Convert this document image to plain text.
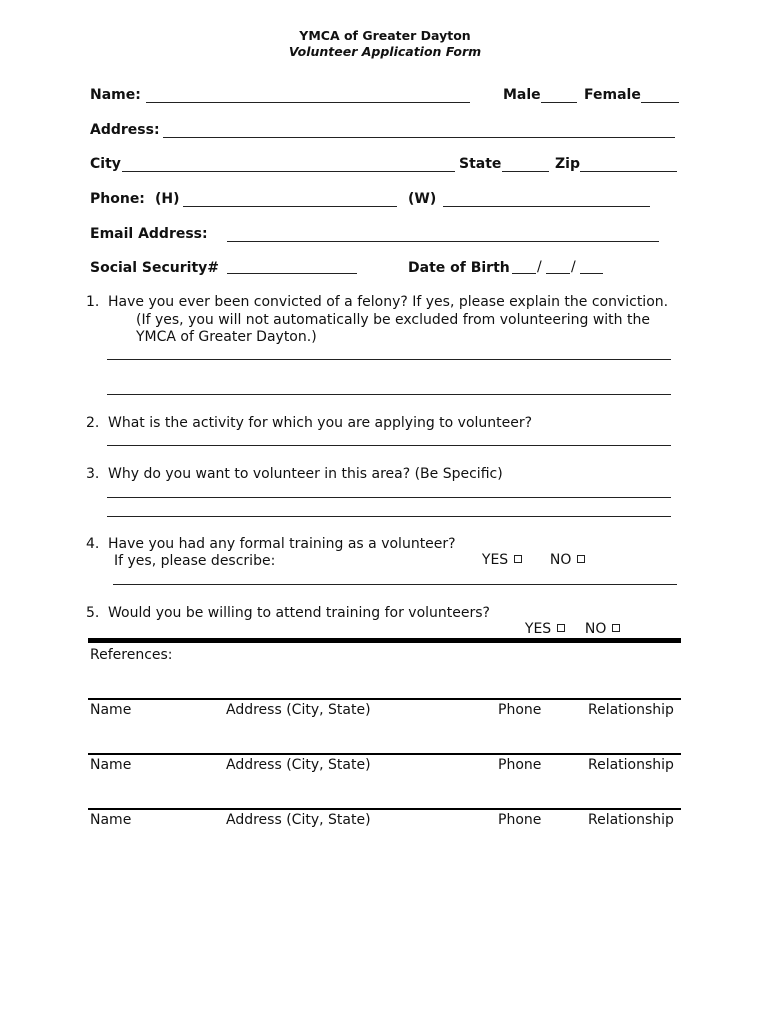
YMCA of Greater Dayton
Volunteer Application Form
Name:	Male	Female
Address:
City	State	Zip
Phone: (H)	(W)
Email Address:
Social Security#	Date of Birth / /
1. Have you ever been convicted of a felony? If yes, please explain the conviction.
(If yes, you will not automatically be excluded from volunteering with the
YMCA of Greater Dayton.)
2. What is the activity for which you are applying to volunteer?
3. Why do you want to volunteer in this area? (Be Specific)
4. Have you had any formal training as a volunteer?

YES	NO

If yes, please describe:
5. Would you be willing to attend training for volunteers?

YES	NO

References:
Name	Address (City, State)	Phone	Relationship
Name	Address (City, State)	Phone	Relationship
Name	Address (City, State)	Phone	Relationship
